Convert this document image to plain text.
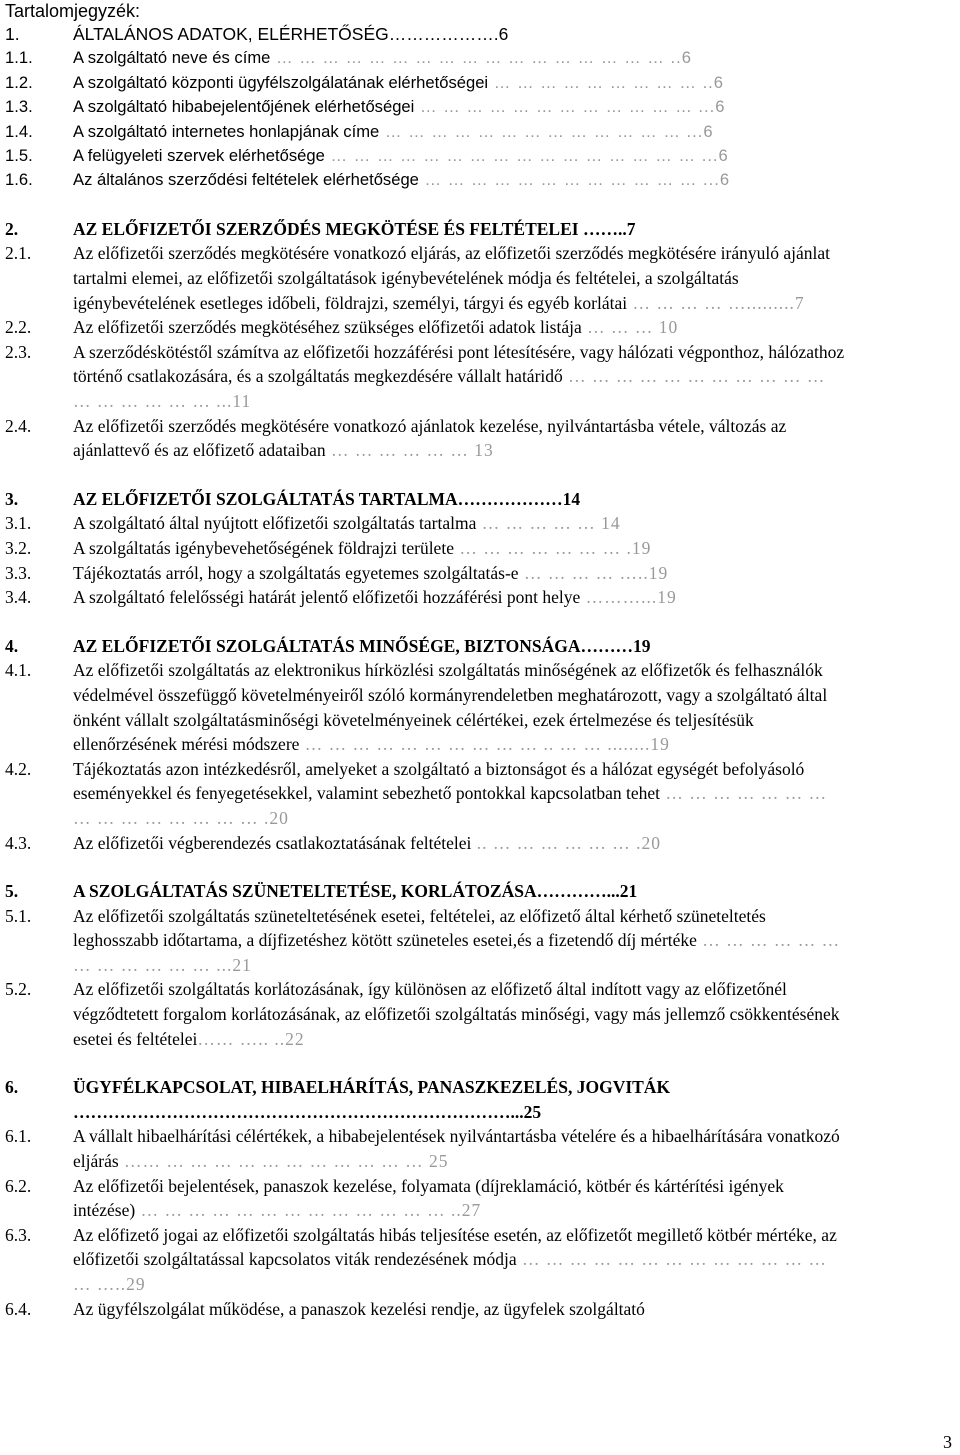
Tartalomjegyzék:
1.	ÁLTALÁNOS ADATOK, ELÉRHETŐSÉG……………….6
1.1.	A szolgáltató neve és címe … … … … … … … … … … … … … … … … … ..6
1.2.	A szolgáltató központi ügyfélszolgálatának elérhetőségei … … … … … … … … … ..6
1.3.	A szolgáltató hibabejelentőjének elérhetőségei … … … … … … … … … … … … ...6
1.4.	A szolgáltató internetes honlapjának címe … … … … … … … … … … … … … ...6
1.5.	A felügyeleti szervek elérhetősége … … … … … … … … … … … … … … … … ...6
1.6.	Az általános szerződési feltételek elérhetősége … … … … … … … … … … … … ...6
2.	AZ ELŐFIZETŐI SZERZŐDÉS MEGKÖTÉSE ÉS FELTÉTELEI ……..7
2.1.	Az előfizetői szerződés megkötésére vonatkozó eljárás, az előfizetői szerződés megkötésére irányuló ajánlat tartalmi elemei, az előfizetői szolgáltatások igénybevételének módja és feltételei, a szolgáltatás igénybevételének esetleges időbeli, földrajzi, személyi, tárgyi és egyéb korlátai … … … … ….........7
2.2.	Az előfizetői szerződés megkötéséhez szükséges előfizetői adatok listája … … … 10
2.3.	A szerződéskötéstől számítva az előfizetői hozzáférési pont létesítésére, vagy hálózati végponthoz, hálózathoz történő csatlakozására, és a szolgáltatás megkezdésére vállalt határidő … … … … … … … … … … … … … … … … … ...11
2.4.	Az előfizetői szerződés megkötésére vonatkozó ajánlatok kezelése, nyilvántartásba vétele, változás az ajánlattevő és az előfizető adataiban … … … … … … 13
3.	AZ ELŐFIZETŐI SZOLGÁLTATÁS TARTALMA………………14
3.1.	A szolgáltató által nyújtott előfizetői szolgáltatás tartalma … … … … … 14
3.2.	A szolgáltatás igénybevehetőségének földrajzi területe … … … … … … … .19
3.3.	Tájékoztatás arról, hogy a szolgáltatás egyetemes szolgáltatás-e … … … … …..19
3.4.	A szolgáltató felelősségi határát jelentő előfizetői hozzáférési pont helye ………...19
4.	AZ ELŐFIZETŐI SZOLGÁLTATÁS MINŐSÉGE, BIZTONSÁGA………19
4.1.	Az előfizetői szolgáltatás az elektronikus hírközlési szolgáltatás minőségének az előfizetők és felhasználók védelmével összefüggő követelményeiről szóló kormányrendeletben meghatározott, vagy a szolgáltató által önként vállalt szolgáltatásminőségi követelményeinek célértékei, ezek értelmezése és teljesítésük ellenőrzésének mérési módszere … … … … … … … … … … .. … … ........19
4.2.	Tájékoztatás azon intézkedésről, amelyeket a szolgáltató a biztonságot és a hálózat egységét befolyásoló eseményekkel és fenyegetésekkel, valamint sebezhető pontokkal kapcsolatban tehet … … … … … … … … … … … … … … … .20
4.3.	Az előfizetői végberendezés csatlakoztatásának feltételei .. … … … … … … .20
5.	A SZOLGÁLTATÁS SZÜNETELTETÉSE, KORLÁTOZÁSA…………...21
5.1.	Az előfizetői szolgáltatás szüneteltetésének esetei, feltételei, az előfizető által kérhető szüneteltetés leghosszabb időtartama, a díjfizetéshez kötött szüneteles esetei,és a fizetendő díj mértéke … … … … … … … … … … … … ...21
5.2.	Az előfizetői szolgáltatás korlátozásának, így különösen az előfizető által indított vagy az előfizetőnél végződtetett forgalom korlátozásának, az előfizetői szolgáltatás minőségi, vagy más jellemző csökkentésének esetei és feltételei…… ….. ..22
6.	ÜGYFÉLKAPCSOLAT, HIBAELHÁRÍTÁS, PANASZKEZELÉS, JOGVITÁK …………………………………………………………………...25
6.1.	A vállalt hibaelhárítási célértékek, a hibabejelentések nyilvántartásba vételére és a hibaelhárítására vonatkozó eljárás …… … … … … … … … … … … … 25
6.2.	Az előfizetői bejelentések, panaszok kezelése, folyamata (díjreklamáció, kötbér és kártérítési igények intézése) … … … … … … … … … … … … … ..27
6.3.	Az előfizető jogai az előfizetői szolgáltatás hibás teljesítése esetén, az előfizetőt megillető kötbér mértéke, az előfizetői szolgáltatással kapcsolatos viták rendezésének módja … … … … … … … … … … … … … … …..29
6.4.	Az ügyfélszolgálat működése, a panaszok kezelési rendje, az ügyfelek szolgáltató
3
